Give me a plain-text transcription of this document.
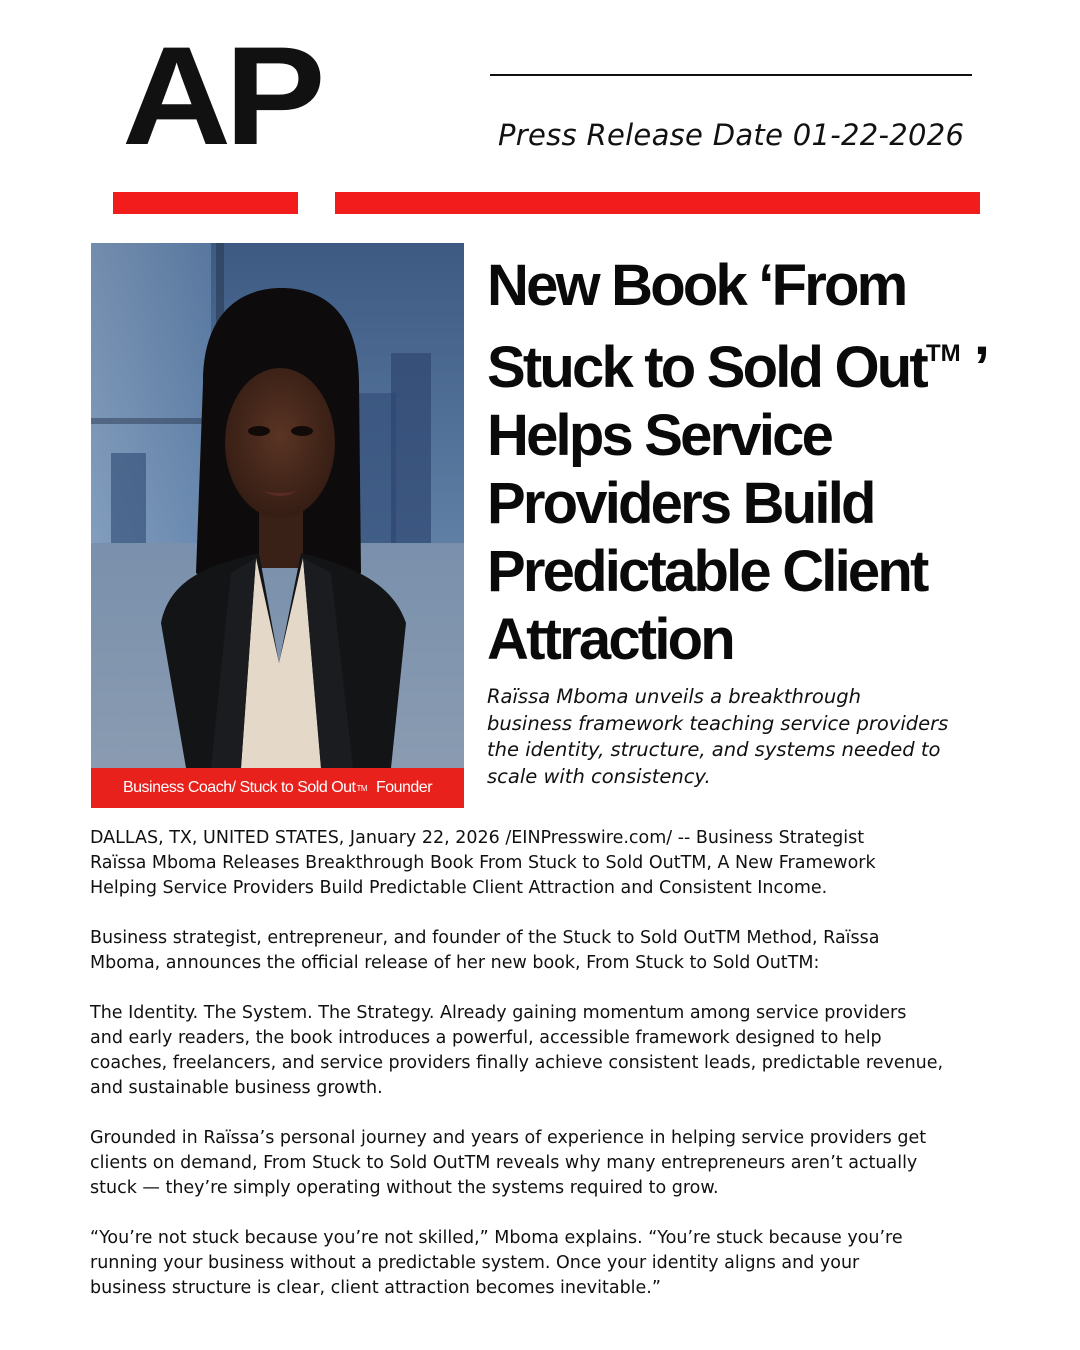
AP	Press Release Date 01-22-2026
Business Coach/ Stuck to Sold Out TM
Founder
New Book ‘From
Stuck to Sold Out™ ’
Helps Service
Providers Build
Predictable Client
Attraction
Raïssa Mboma unveils a breakthrough
business framework teaching service providers
the identity, structure, and systems needed to
scale with consistency.

DALLAS, TX, UNITED STATES, January 22, 2026 /EINPresswire.com/ -- Business Strategist
Raïssa Mboma Releases Breakthrough Book From Stuck to Sold OutTM, A New Framework
Helping Service Providers Build Predictable Client Attraction and Consistent Income.

Business strategist, entrepreneur, and founder of the Stuck to Sold OutTM Method, Raïssa
Mboma, announces the official release of her new book, From Stuck to Sold OutTM:

The Identity. The System. The Strategy. Already gaining momentum among service providers
and early readers, the book introduces a powerful, accessible framework designed to help
coaches, freelancers, and service providers finally achieve consistent leads, predictable revenue,
and sustainable business growth.

Grounded in Raïssa’s personal journey and years of experience in helping service providers get
clients on demand, From Stuck to Sold OutTM reveals why many entrepreneurs aren’t actually
stuck — they’re simply operating without the systems required to grow.

“You’re not stuck because you’re not skilled,” Mboma explains. “You’re stuck because you’re
running your business without a predictable system. Once your identity aligns and your
business structure is clear, client attraction becomes inevitable.”
